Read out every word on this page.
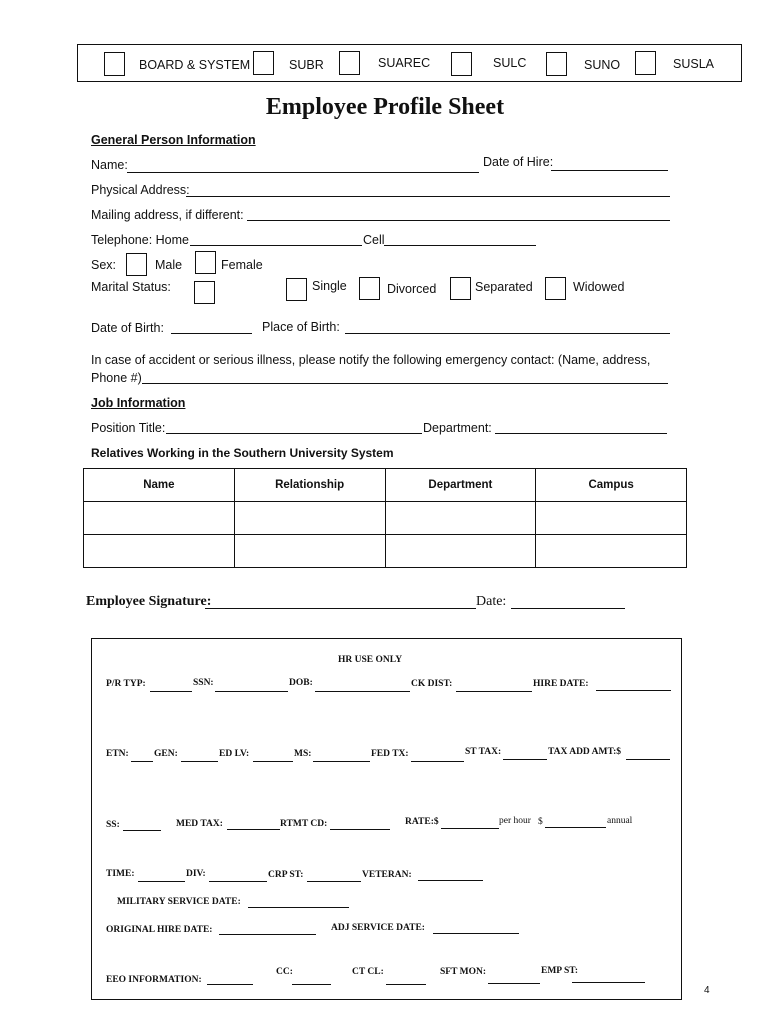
BOARD & SYSTEM	SUBR	SUAREC	SULC	SUNO	SUSLA
Employee Profile Sheet
General Person Information
Name:	Date of Hire:
Physical Address:
Mailing address, if different:
Telephone: Home	Cell
Sex:	Male	Female
Marital Status:	Single	Divorced	Separated	Widowed
Date of Birth:	Place of Birth:
In case of accident or serious illness, please notify the following emergency contact: (Name, address,
Phone #)
Job Information
Position Title:	Department:
Relatives Working in the Southern University System
Name	Relationship	Department	Campus

Employee Signature:	Date:
HR USE ONLY
P/R TYP:	SSN:	DOB:	CK DIST:	HIRE DATE:
ETN:	GEN:	ED LV:	MS:	FED TX:	ST TAX:	TAX ADD AMT:$
SS:	MED TAX:	RTMT CD:	RATE:$	per hour $	annual
TIME:	DIV:	CRP ST:	VETERAN:
MILITARY SERVICE DATE:
ORIGINAL HIRE DATE:	ADJ SERVICE DATE:
EEO INFORMATION:
CC:	CT CL:	SFT MON:	EMP ST:
4
